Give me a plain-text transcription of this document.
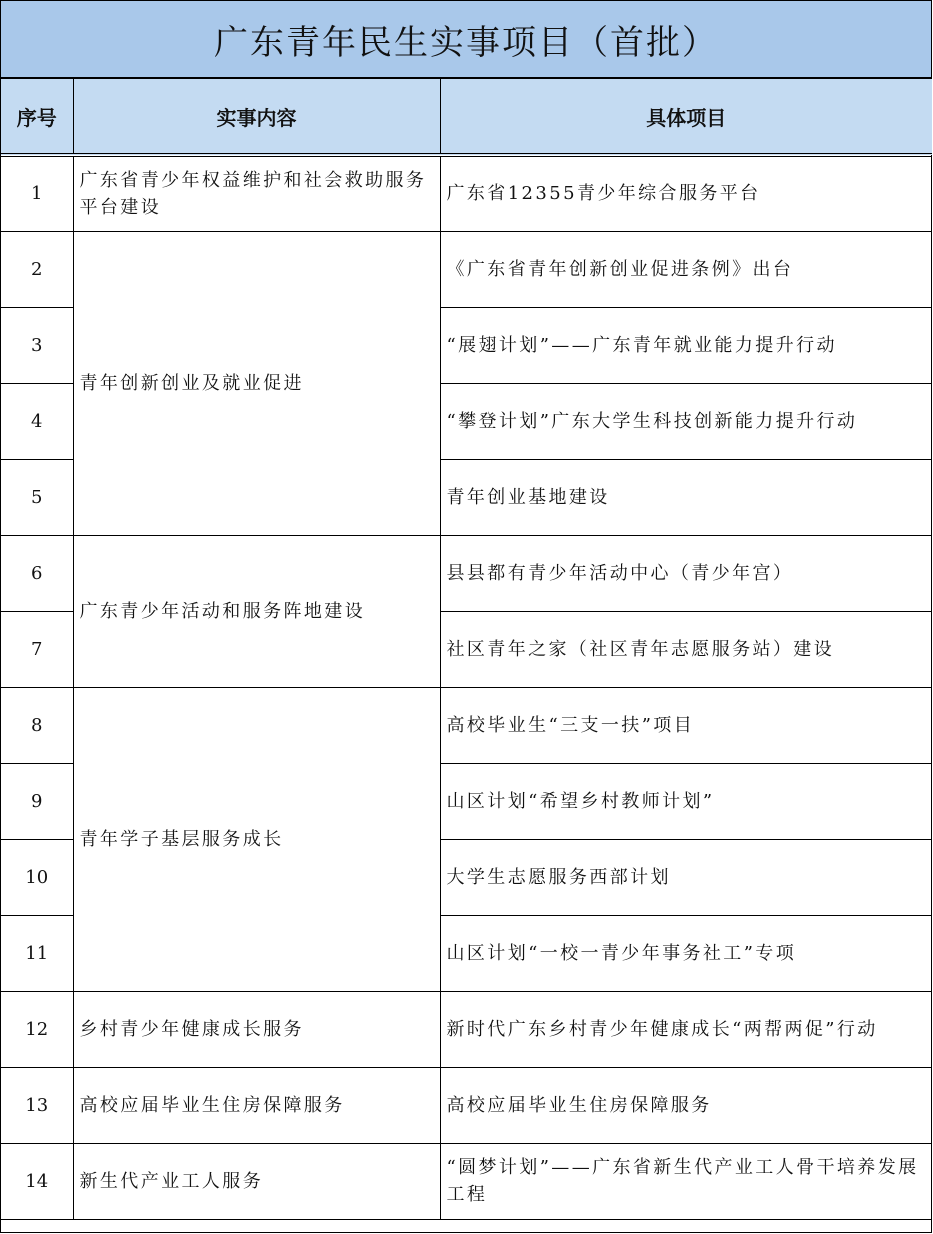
广东青年民生实事项目（首批）
序号	实事内容	具体项目
1	广东省青少年权益维护和社会救助服务平台建设	广东省12355青少年综合服务平台
2	青年创新创业及就业促进	《广东省青年创新创业促进条例》出台
3		“展翅计划”——广东青年就业能力提升行动
4		“攀登计划”广东大学生科技创新能力提升行动
5		青年创业基地建设
6	广东青少年活动和服务阵地建设	县县都有青少年活动中心（青少年宫）
7		社区青年之家（社区青年志愿服务站）建设
8	青年学子基层服务成长	高校毕业生“三支一扶”项目
9		山区计划“希望乡村教师计划”
10		大学生志愿服务西部计划
11		山区计划“一校一青少年事务社工”专项
12	乡村青少年健康成长服务	新时代广东乡村青少年健康成长“两帮两促”行动
13	高校应届毕业生住房保障服务	高校应届毕业生住房保障服务
14	新生代产业工人服务	“圆梦计划”——广东省新生代产业工人骨干培养发展工程
